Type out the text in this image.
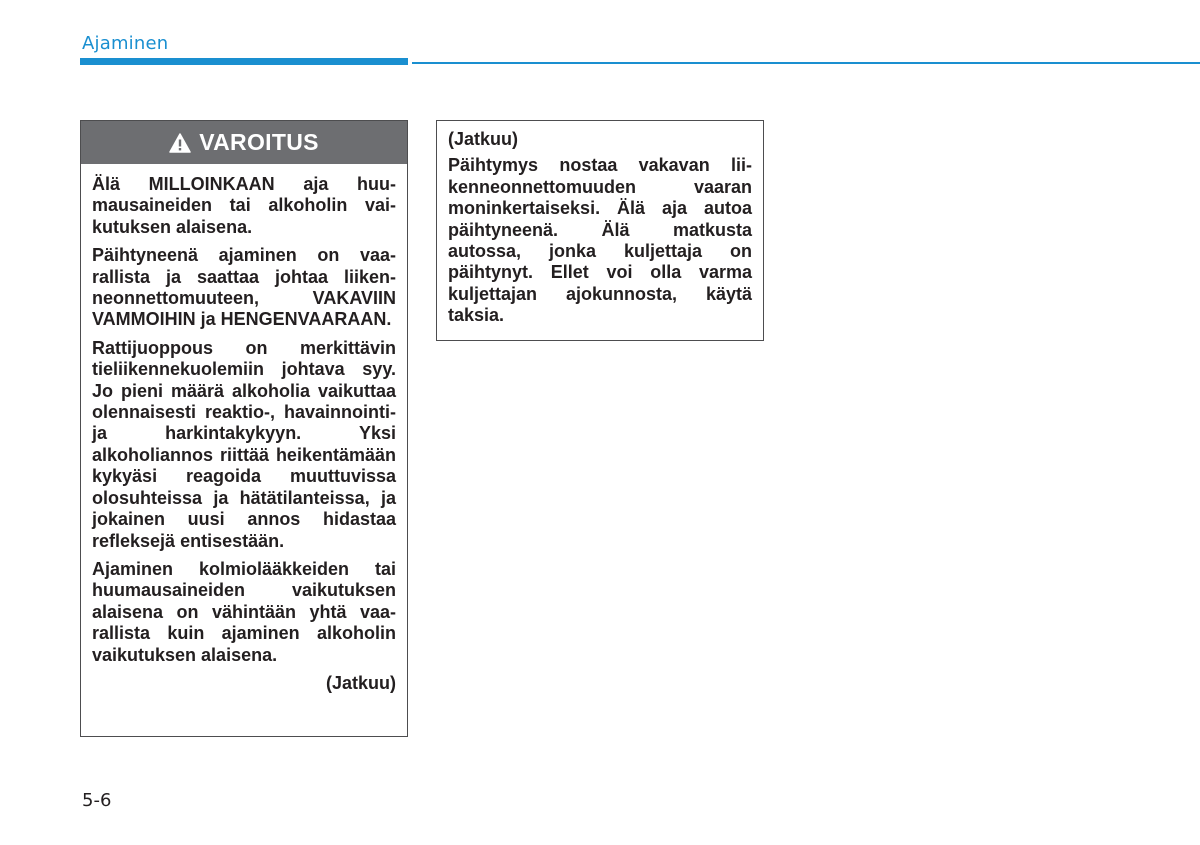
Ajaminen
VAROITUS

Älä MILLOINKAAN aja huumausaineiden tai alkoholin vaikutuksen alaisena.

Päihtyneenä ajaminen on vaarallista ja saattaa johtaa liikenneonnettomuuteen, VAKAVIIN VAMMOIHIN ja HENGENVAARAAN.

Rattijuoppous on merkittävin tieliikennekuolemiin johtava syy. Jo pieni määrä alkoholia vaikuttaa olennaisesti reaktio-, havainnointi- ja harkintakykyyn. Yksi alkoholiannos riittää heikentämään kykyäsi reagoida muuttuvissa olosuhteissa ja hätätilanteissa, ja jokainen uusi annos hidastaa refleksejä entisestään.

Ajaminen kolmiolääkkeiden tai huumausaineiden vaikutuksen alaisena on vähintään yhtä vaarallista kuin ajaminen alkoholin vaikutuksen alaisena.

(Jatkuu)

(Jatkuu)

Päihtymys nostaa vakavan liikenneonnettomuuden vaaran moninkertaiseksi. Älä aja autoa päihtyneenä. Älä matkusta autossa, jonka kuljettaja on päihtynyt. Ellet voi olla varma kuljettajan ajokunnosta, käytä taksia.

5-6
